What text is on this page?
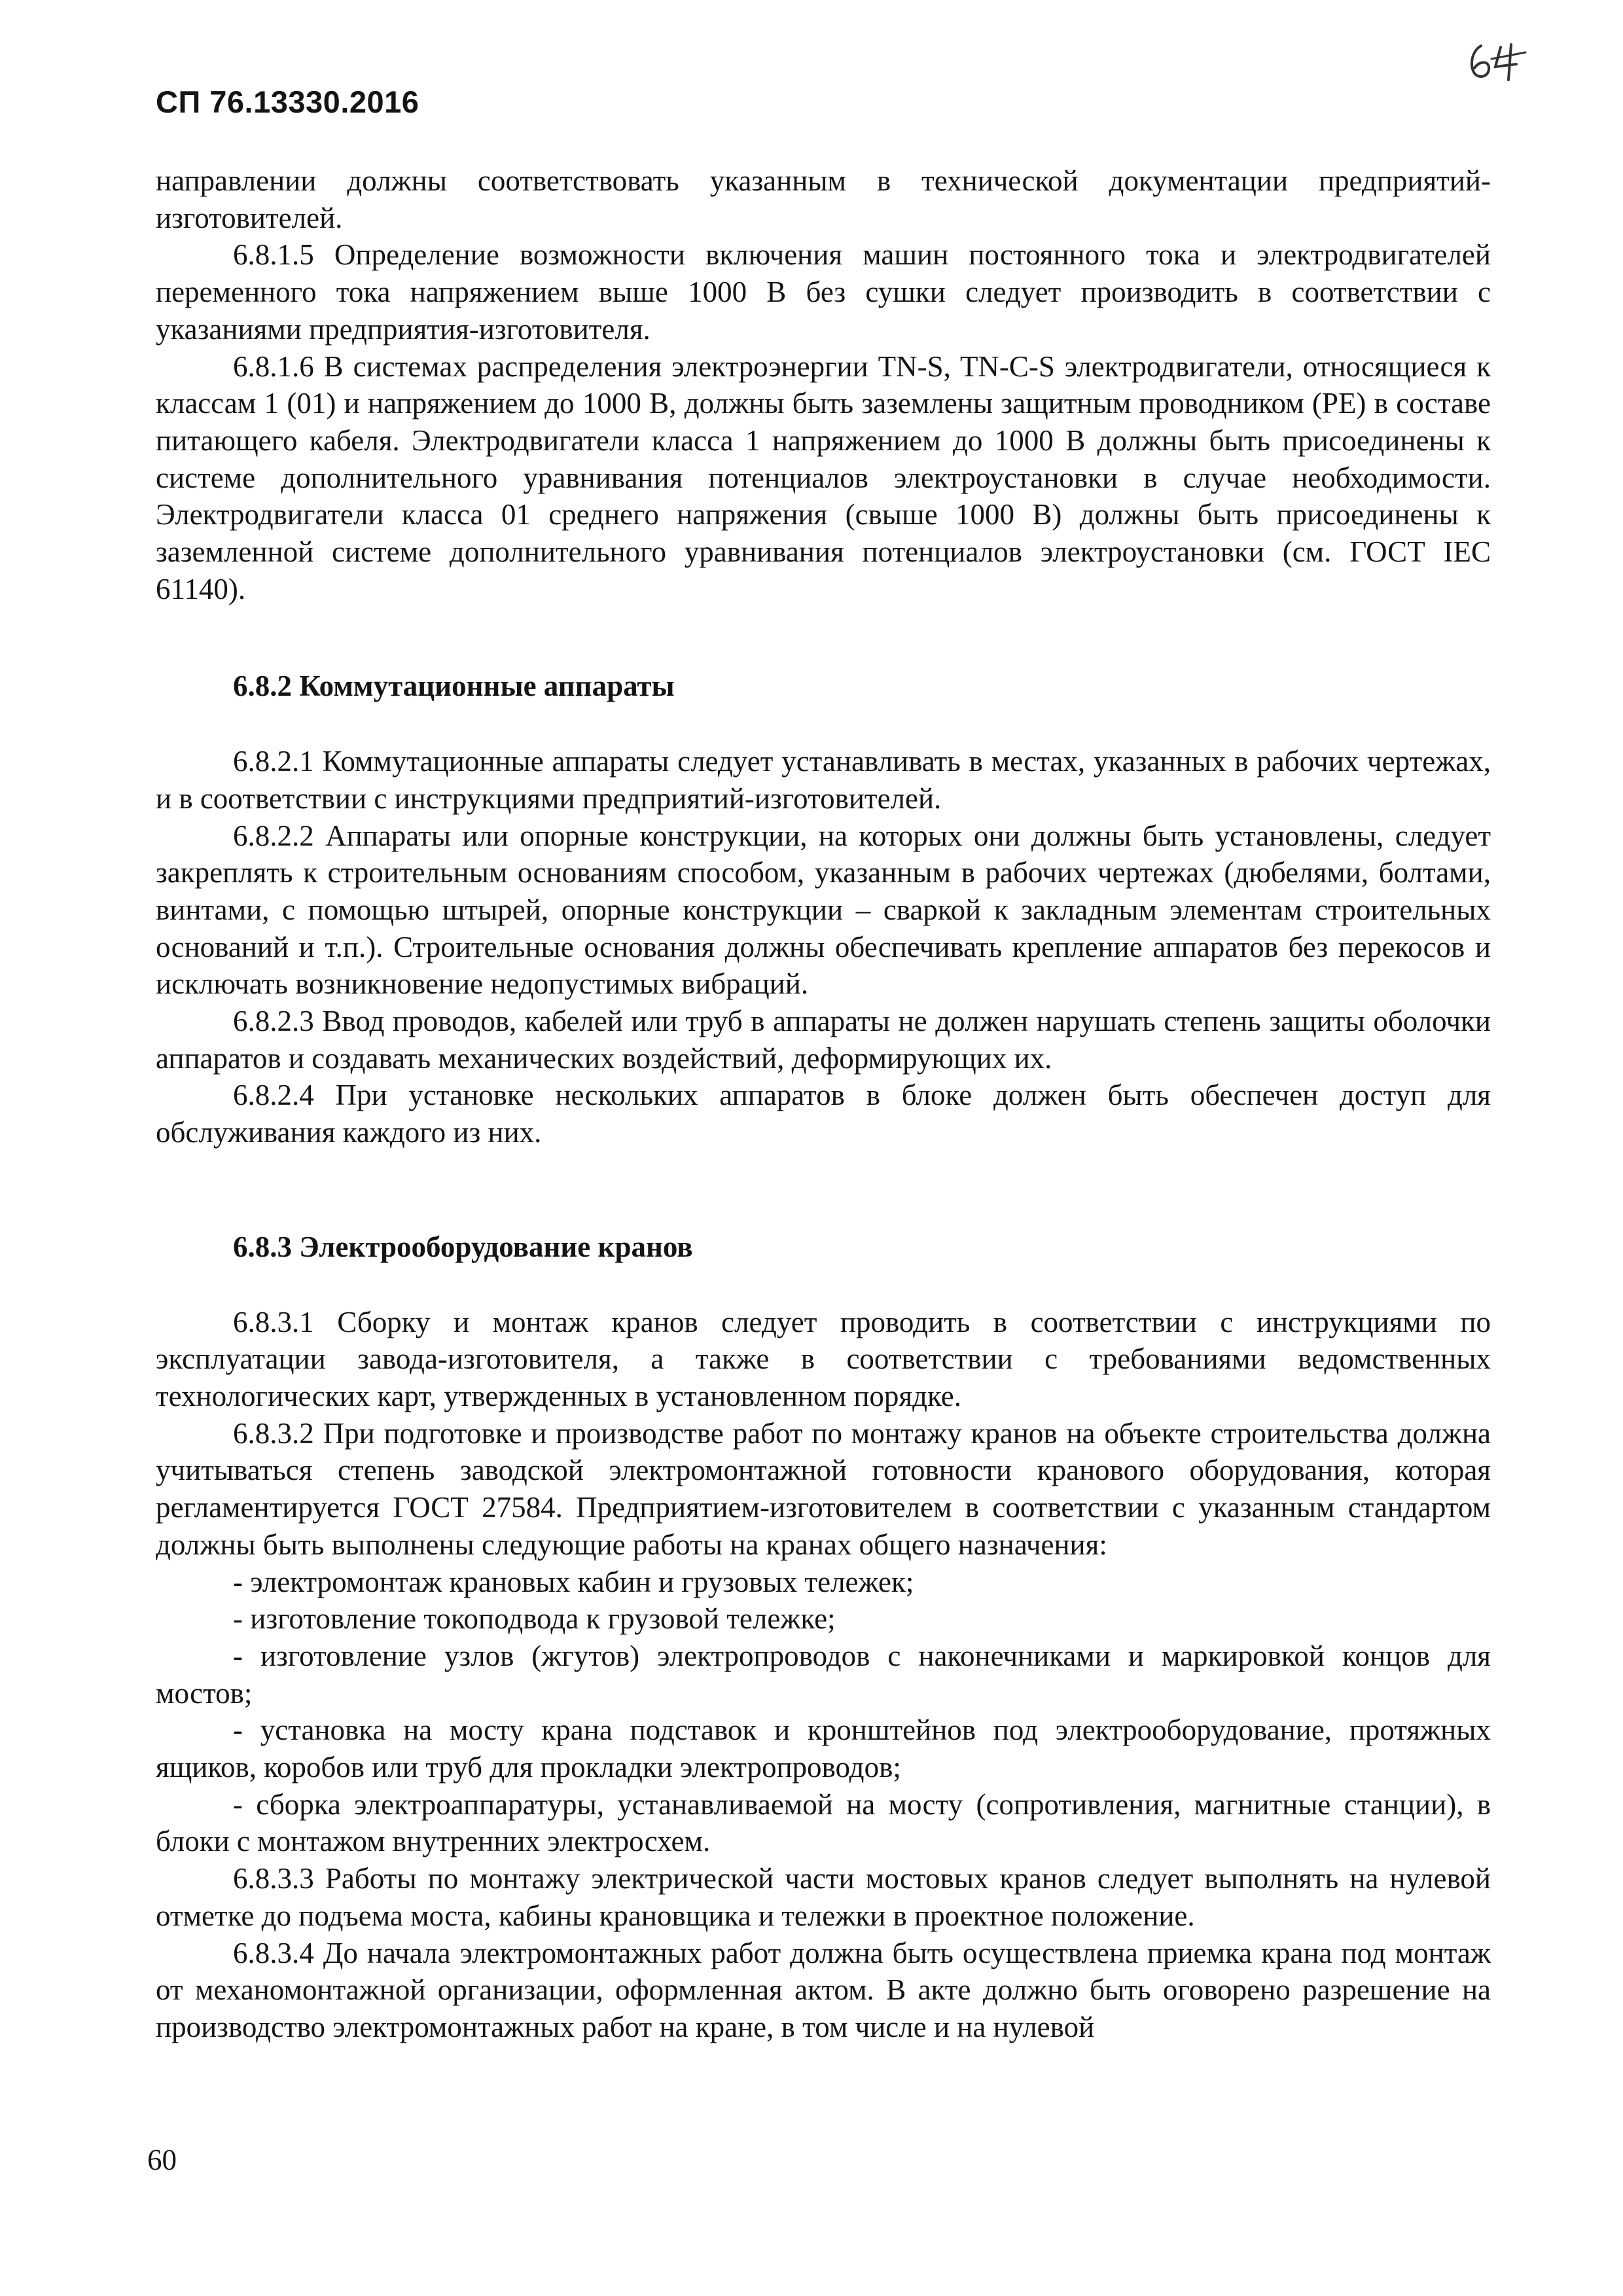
СП 76.13330.2016

направлении должны соответствовать указанным в технической документации предприятий-изготовителей.

6.8.1.5 Определение возможности включения машин постоянного тока и электродвигателей переменного тока напряжением выше 1000 В без сушки следует производить в соответствии с указаниями предприятия-изготовителя.

6.8.1.6 В системах распределения электроэнергии TN-S, TN-C-S электродвигатели, относящиеся к классам 1 (01) и напряжением до 1000 В, должны быть заземлены защитным проводником (PE) в составе питающего кабеля. Электродвигатели класса 1 напряжением до 1000 В должны быть присоединены к системе дополнительного уравнивания потенциалов электроустановки в случае необходимости. Электродвигатели класса 01 среднего напряжения (свыше 1000 В) должны быть присоединены к заземленной системе дополнительного уравнивания потенциалов электроустановки (см. ГОСТ IEC 61140).

6.8.2 Коммутационные аппараты

6.8.2.1 Коммутационные аппараты следует устанавливать в местах, указанных в рабочих чертежах, и в соответствии с инструкциями предприятий-изготовителей.

6.8.2.2 Аппараты или опорные конструкции, на которых они должны быть установлены, следует закреплять к строительным основаниям способом, указанным в рабочих чертежах (дюбелями, болтами, винтами, с помощью штырей, опорные конструкции – сваркой к закладным элементам строительных оснований и т.п.). Строительные основания должны обеспечивать крепление аппаратов без перекосов и исключать возникновение недопустимых вибраций.

6.8.2.3 Ввод проводов, кабелей или труб в аппараты не должен нарушать степень защиты оболочки аппаратов и создавать механических воздействий, деформирующих их.

6.8.2.4 При установке нескольких аппаратов в блоке должен быть обеспечен доступ для обслуживания каждого из них.

6.8.3 Электрооборудование кранов

6.8.3.1 Сборку и монтаж кранов следует проводить в соответствии с инструкциями по эксплуатации завода-изготовителя, а также в соответствии с требованиями ведомственных технологических карт, утвержденных в установленном порядке.

6.8.3.2 При подготовке и производстве работ по монтажу кранов на объекте строительства должна учитываться степень заводской электромонтажной готовности кранового оборудования, которая регламентируется ГОСТ 27584. Предприятием-изготовителем в соответствии с указанным стандартом должны быть выполнены следующие работы на кранах общего назначения:

- электромонтаж крановых кабин и грузовых тележек;

- изготовление токоподвода к грузовой тележке;

- изготовление узлов (жгутов) электропроводов с наконечниками и маркировкой концов для мостов;

- установка на мосту крана подставок и кронштейнов под электрооборудование, протяжных ящиков, коробов или труб для прокладки электропроводов;

- сборка электроаппаратуры, устанавливаемой на мосту (сопротивления, магнитные станции), в блоки с монтажом внутренних электросхем.

6.8.3.3 Работы по монтажу электрической части мостовых кранов следует выполнять на нулевой отметке до подъема моста, кабины крановщика и тележки в проектное положение.

6.8.3.4 До начала электромонтажных работ должна быть осуществлена приемка крана под монтаж от механомонтажной организации, оформленная актом. В акте должно быть оговорено разрешение на производство электромонтажных работ на кране, в том числе и на нулевой

60
